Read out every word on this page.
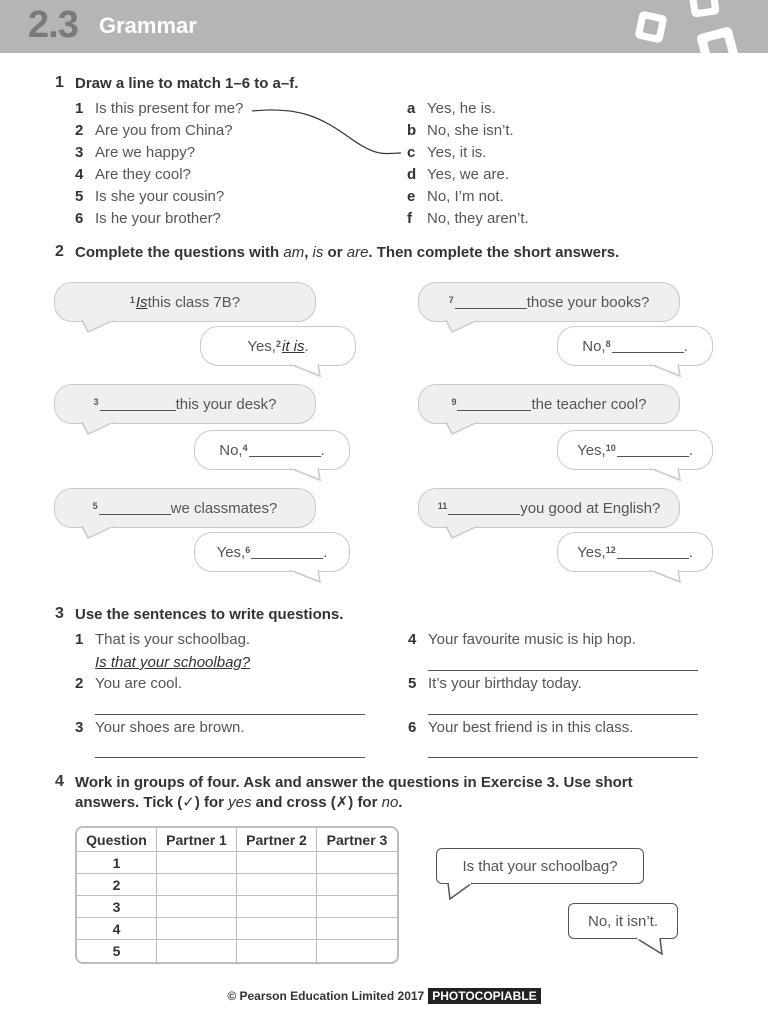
2.3 Grammar
1 Draw a line to match 1–6 to a–f.
1 Is this present for me?
2 Are you from China?
3 Are we happy?
4 Are they cool?
5 Is she your cousin?
6 Is he your brother?
a Yes, he is.
b No, she isn’t.
c Yes, it is.
d Yes, we are.
e No, I’m not.
f No, they aren’t.
2 Complete the questions with am, is or are. Then complete the short answers.
1 Is this class 7B?
Yes, 2 it is .
3	this your desk?
No, 4	.
5	we classmates?
Yes, 6	.
7	those your books?
No, 8	.
9	the teacher cool?
Yes, 10	.
11	you good at English?
Yes, 12	.
3 Use the sentences to write questions.
1 That is your schoolbag.
Is that your schoolbag?
2 You are cool.
3 Your shoes are brown.
4 Your favourite music is hip hop.
5 It’s your birthday today.
6 Your best friend is in this class.
4 Work in groups of four. Ask and answer the questions in Exercise 3. Use short
answers. Tick (✓) for yes and cross (✗) for no.
Question	Partner 1	Partner 2	Partner 3
1			
2			
3			
4			
5			
Is that your schoolbag?
No, it isn’t.
© Pearson Education Limited 2017 PHOTOCOPIABLE
